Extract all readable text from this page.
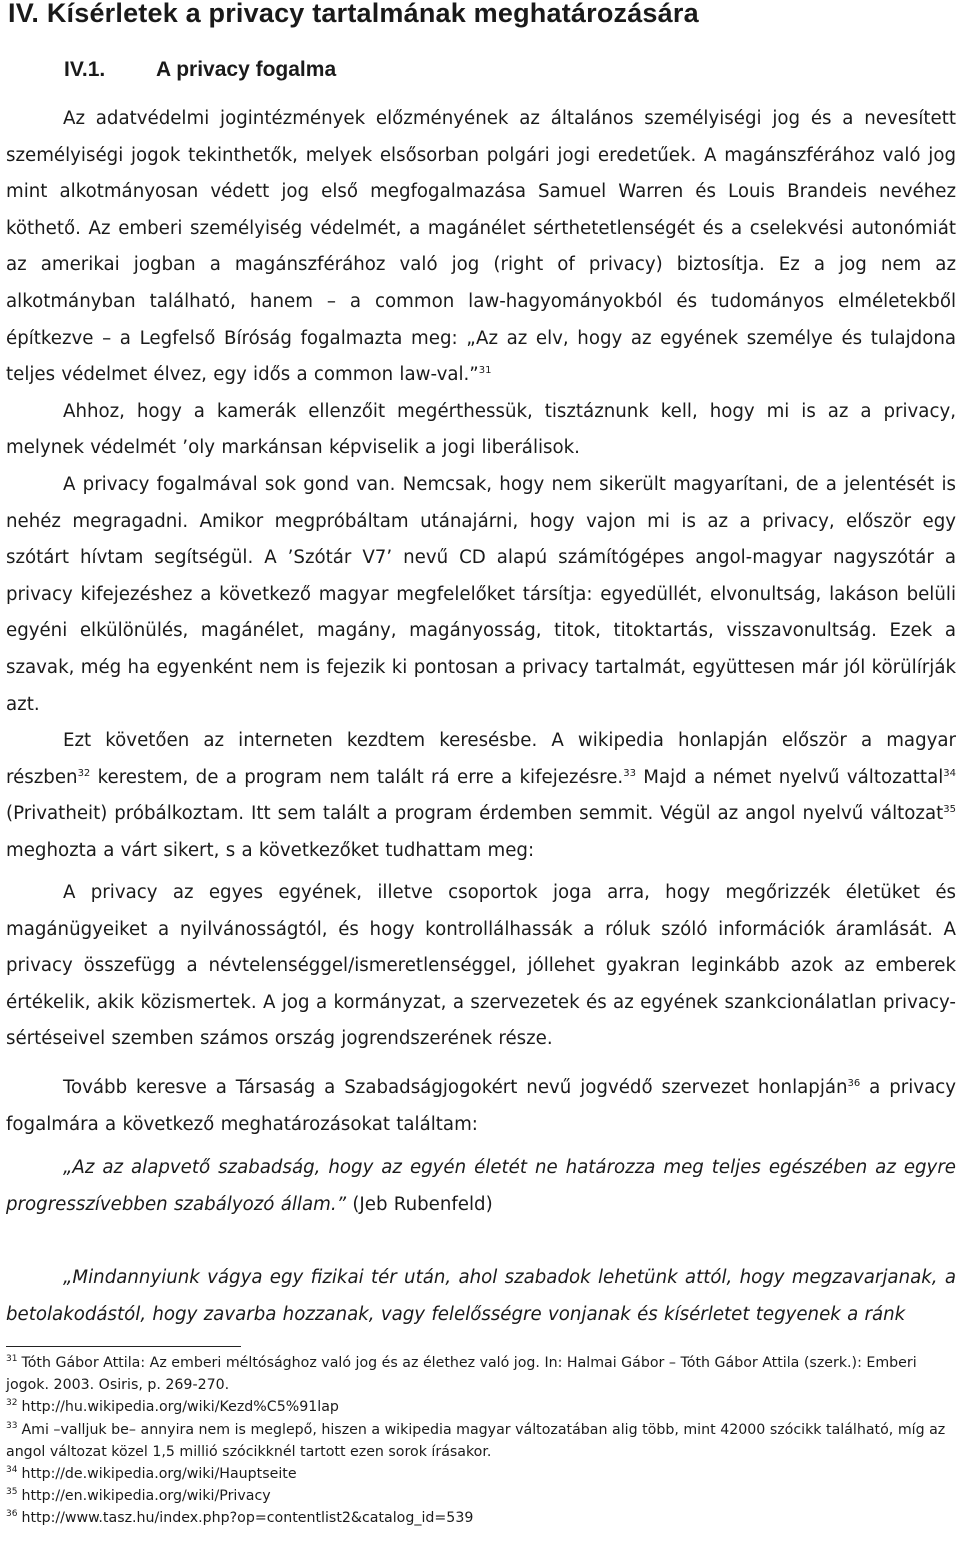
IV. Kísérletek a privacy tartalmának meghatározására
IV.1. A privacy fogalma

Az adatvédelmi jogintézmények előzményének az általános személyiségi jog és a nevesített személyiségi jogok tekinthetők, melyek elsősorban polgári jogi eredetűek. A magánszférához való jog mint alkotmányosan védett jog első megfogalmazása Samuel Warren és Louis Brandeis nevéhez köthető. Az emberi személyiség védelmét, a magánélet sérthetetlenségét és a cselekvési autonómiát az amerikai jogban a magánszférához való jog (right of privacy) biztosítja. Ez a jog nem az alkotmányban található, hanem – a common law-hagyományokból és tudományos elméletekből építkezve – a Legfelső Bíróság fogalmazta meg: „Az az elv, hogy az egyének személye és tulajdona teljes védelmet élvez, egy idős a common law-val.”$^{31}$

Ahhoz, hogy a kamerák ellenzőit megérthessük, tisztáznunk kell, hogy mi is az a privacy, melynek védelmét ’oly markánsan képviselik a jogi liberálisok.

A privacy fogalmával sok gond van. Nemcsak, hogy nem sikerült magyarítani, de a jelentését is nehéz megragadni. Amikor megpróbáltam utánajárni, hogy vajon mi is az a privacy, először egy szótárt hívtam segítségül. A ’Szótár V7’ nevű CD alapú számítógépes angol-magyar nagyszótár a privacy kifejezéshez a következő magyar megfelelőket társítja: egyedüllét, elvonultság, lakáson belüli egyéni elkülönülés, magánélet, magány, magányosság, titok, titoktartás, visszavonultság. Ezek a szavak, még ha egyenként nem is fejezik ki pontosan a privacy tartalmát, együttesen már jól körülírják azt.

Ezt követően az interneten kezdtem keresésbe. A wikipedia honlapján először a magyar részben$^{32}$ kerestem, de a program nem talált rá erre a kifejezésre.$^{33}$ Majd a német nyelvű változattal$^{34}$ (Privatheit) próbálkoztam. Itt sem talált a program érdemben semmit. Végül az angol nyelvű változat$^{35}$ meghozta a várt sikert, s a következőket tudhattam meg:

A privacy az egyes egyének, illetve csoportok joga arra, hogy megőrizzék életüket és magánügyeiket a nyilvánosságtól, és hogy kontrollálhassák a róluk szóló információk áramlását. A privacy összefügg a névtelenséggel/ismeretlenséggel, jóllehet gyakran leginkább azok az emberek értékelik, akik közismertek. A jog a kormányzat, a szervezetek és az egyének szankcionálatlan privacy-sértéseivel szemben számos ország jogrendszerének része.

Tovább keresve a Társaság a Szabadságjogokért nevű jogvédő szervezet honlapján$^{36}$ a privacy fogalmára a következő meghatározásokat találtam:

„Az az alapvető szabadság, hogy az egyén életét ne határozza meg teljes egészében az egyre progresszívebben szabályozó állam.” (Jeb Rubenfeld)

„Mindannyiunk vágya egy fizikai tér után, ahol szabadok lehetünk attól, hogy megzavarjanak, a betolakodástól, hogy zavarba hozzanak, vagy felelősségre vonjanak és kísérletet tegyenek a ránk

$^{31}$ Tóth Gábor Attila: Az emberi méltósághoz való jog és az élethez való jog. In: Halmai Gábor – Tóth Gábor Attila (szerk.): Emberi jogok. 2003. Osiris, p. 269-270.

$^{32}$ http://hu.wikipedia.org/wiki/Kezd%C5%91lap

$^{33}$ Ami –valljuk be– annyira nem is meglepő, hiszen a wikipedia magyar változatában alig több, mint 42000 szócikk található, míg az angol változat közel 1,5 millió szócikknél tartott ezen sorok írásakor.

$^{34}$ http://de.wikipedia.org/wiki/Hauptseite

$^{35}$ http://en.wikipedia.org/wiki/Privacy

$^{36}$ http://www.tasz.hu/index.php?op=contentlist2&catalog_id=539
